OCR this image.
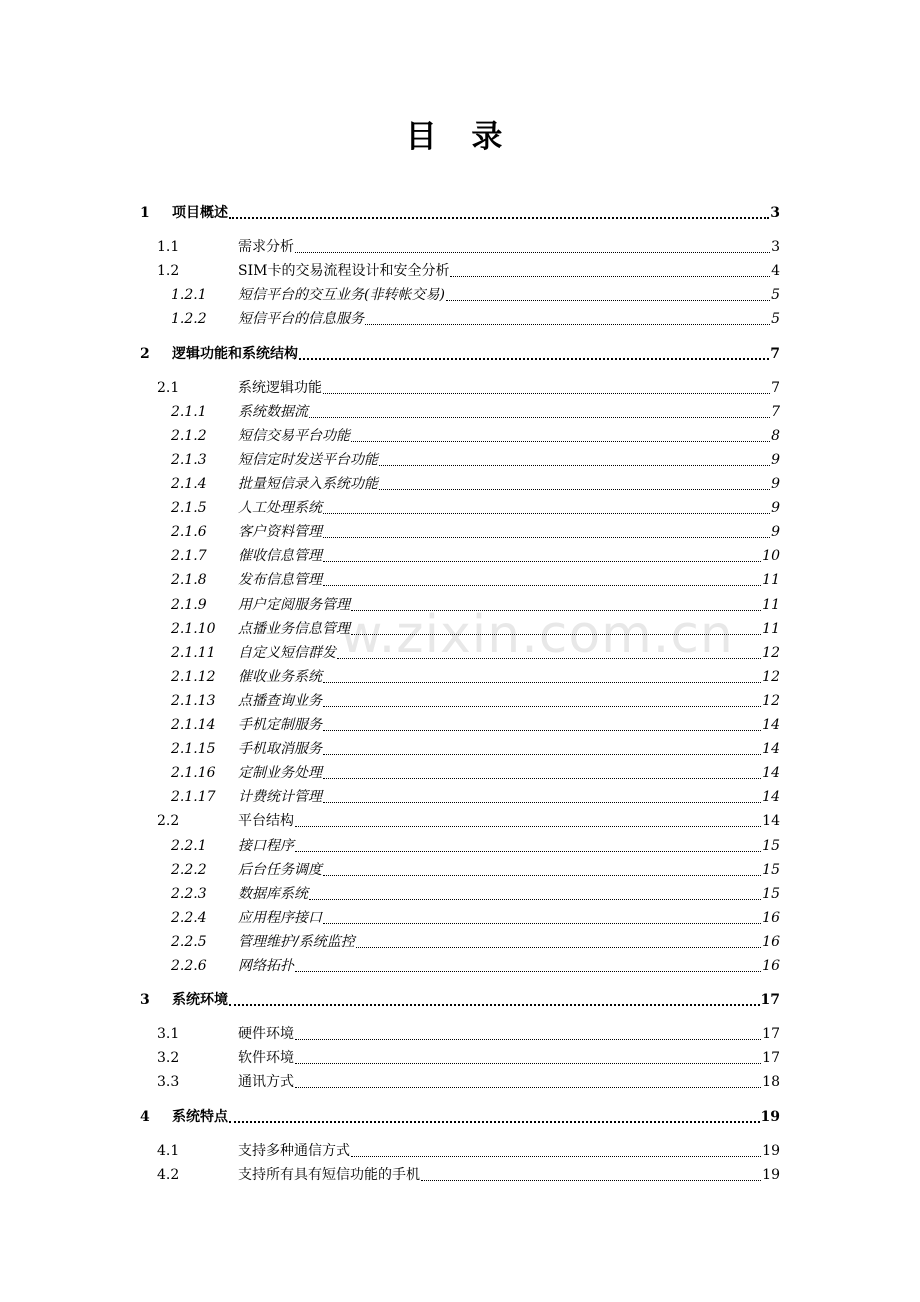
目 录
w.zixin.com.cn
1 项目概述	3
1.1	需求分析	3
1.2	SIM卡的交易流程设计和安全分析	4
1.2.1 短信平台的交互业务(非转帐交易)	5
1.2.2 短信平台的信息服务	5
2 逻辑功能和系统结构	7
2.1	系统逻辑功能	7
2.1.1 系统数据流	7
2.1.2 短信交易平台功能	8
2.1.3 短信定时发送平台功能	9
2.1.4 批量短信录入系统功能	9
2.1.5 人工处理系统	9
2.1.6 客户资料管理	9
2.1.7 催收信息管理	10
2.1.8 发布信息管理	11
2.1.9 用户定阅服务管理	11
2.1.10 点播业务信息管理	11
2.1.11 自定义短信群发	12
2.1.12 催收业务系统	12
2.1.13 点播查询业务	12
2.1.14 手机定制服务	14
2.1.15 手机取消服务	14
2.1.16 定制业务处理	14
2.1.17 计费统计管理	14
2.2	平台结构	14
2.2.1 接口程序	15
2.2.2 后台任务调度	15
2.2.3 数据库系统	15
2.2.4 应用程序接口	16
2.2.5 管理维护/系统监控	16
2.2.6 网络拓扑	16
3 系统环境	17
3.1	硬件环境	17
3.2	软件环境	17
3.3	通讯方式	18
4 系统特点	19
4.1	支持多种通信方式	19
4.2	支持所有具有短信功能的手机	19
